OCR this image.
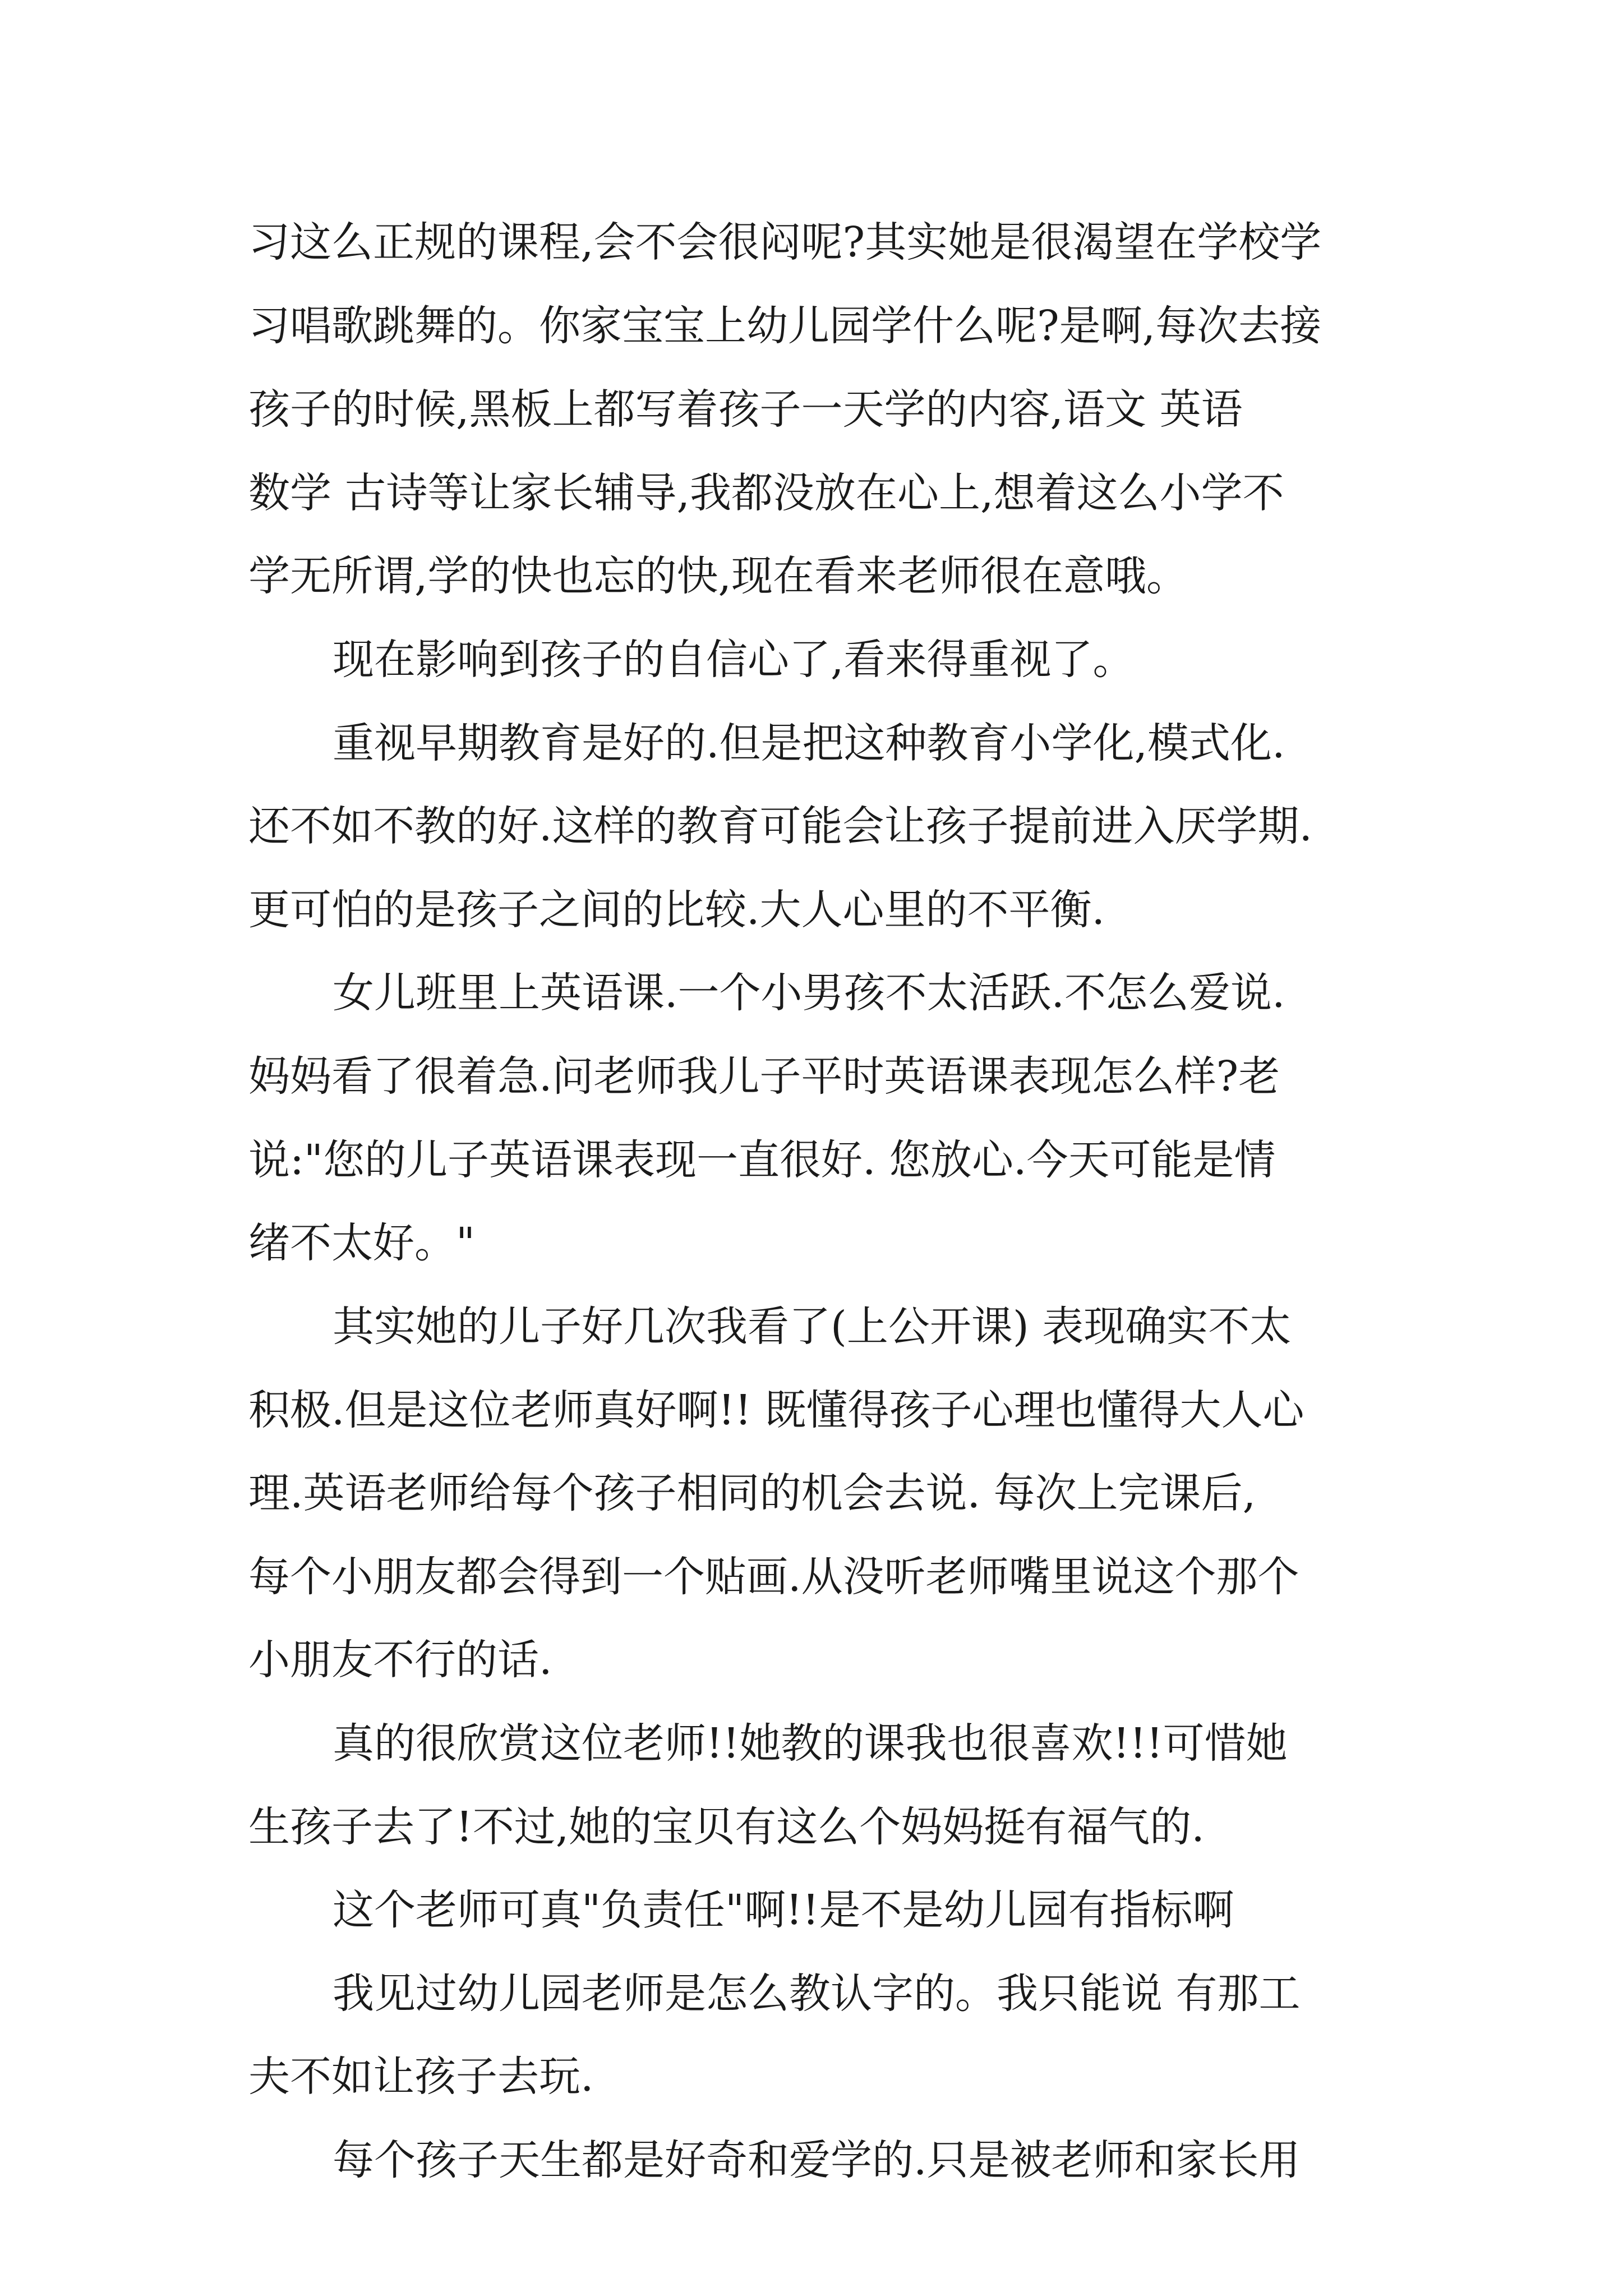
习这么正规的课程,会不会很闷呢?其实她是很渴望在学校学
习唱歌跳舞的。你家宝宝上幼儿园学什么呢?是啊,每次去接
孩子的时候,黑板上都写着孩子一天学的内容,语文 英语
数学 古诗等让家长辅导,我都没放在心上,想着这么小学不
学无所谓,学的快也忘的快,现在看来老师很在意哦。
现在影响到孩子的自信心了,看来得重视了。
重视早期教育是好的.但是把这种教育小学化,模式化.
还不如不教的好.这样的教育可能会让孩子提前进入厌学期.
更可怕的是孩子之间的比较.大人心里的不平衡.
女儿班里上英语课.一个小男孩不太活跃.不怎么爱说.
妈妈看了很着急.问老师我儿子平时英语课表现怎么样?老
说:"您的儿子英语课表现一直很好. 您放心.今天可能是情
绪不太好。"
其实她的儿子好几次我看了(上公开课) 表现确实不太
积极.但是这位老师真好啊!! 既懂得孩子心理也懂得大人心
理.英语老师给每个孩子相同的机会去说. 每次上完课后,
每个小朋友都会得到一个贴画.从没听老师嘴里说这个那个
小朋友不行的话.
真的很欣赏这位老师!!她教的课我也很喜欢!!!可惜她
生孩子去了!不过,她的宝贝有这么个妈妈挺有福气的.
这个老师可真"负责任"啊!!是不是幼儿园有指标啊
我见过幼儿园老师是怎么教认字的。我只能说 有那工
夫不如让孩子去玩.
每个孩子天生都是好奇和爱学的.只是被老师和家长用
